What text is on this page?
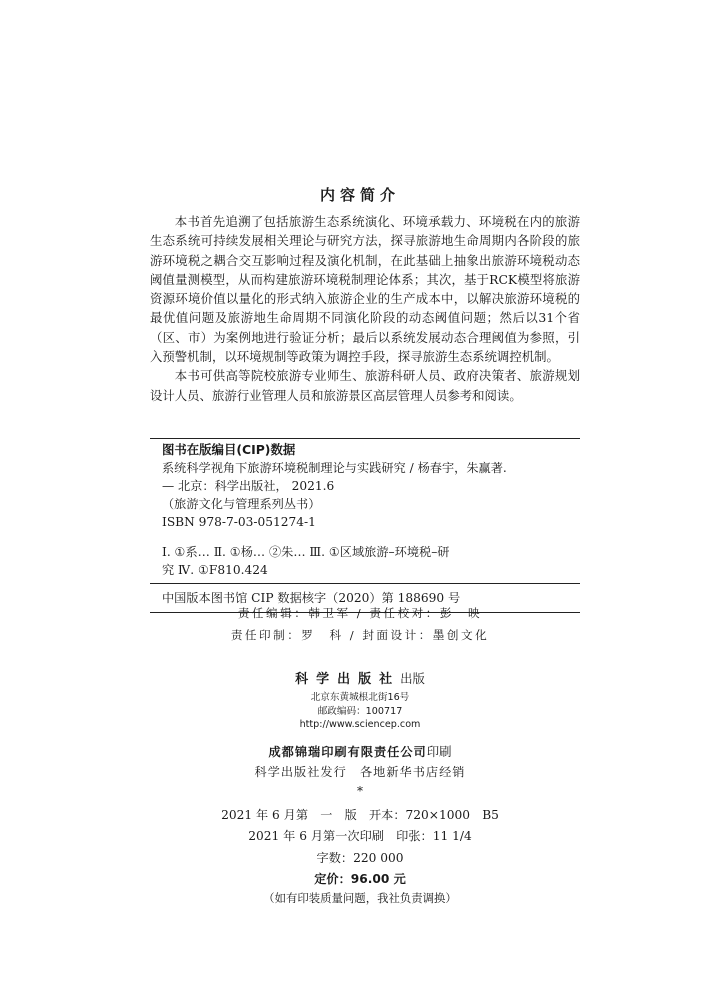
内容简介

本书首先追溯了包括旅游生态系统演化、环境承载力、环境税在内的旅游生态系统可持续发展相关理论与研究方法，探寻旅游地生命周期内各阶段的旅游环境税之耦合交互影响过程及演化机制，在此基础上抽象出旅游环境税动态阈值量测模型，从而构建旅游环境税制理论体系；其次，基于RCK模型将旅游资源环境价值以量化的形式纳入旅游企业的生产成本中，以解决旅游环境税的最优值问题及旅游地生命周期不同演化阶段的动态阈值问题；然后以31个省（区、市）为案例地进行验证分析；最后以系统发展动态合理阈值为参照，引入预警机制，以环境规制等政策为调控手段，探寻旅游生态系统调控机制。

本书可供高等院校旅游专业师生、旅游科研人员、政府决策者、旅游规划设计人员、旅游行业管理人员和旅游景区高层管理人员参考和阅读。

图书在版编目(CIP)数据
系统科学视角下旅游环境税制理论与实践研究 / 杨春宇，朱赢著.
— 北京：科学出版社， 2021.6
（旅游文化与管理系列丛书）
ISBN 978-7-03-051274-1
Ⅰ. ①系… Ⅱ. ①杨… ②朱… Ⅲ. ①区域旅游–环境税–研
究 Ⅳ. ①F810.424
中国版本图书馆 CIP 数据核字（2020）第 188690 号
责任编辑：韩卫军 / 责任校对：彭　映
责任印制：罗　科 / 封面设计：墨创文化
科学出版社出版
北京东黄城根北街16号
邮政编码：100717
http://www.sciencep.com
成都锦瑞印刷有限责任公司印刷
科学出版社发行　各地新华书店经销
*
2021 年 6 月第　一　版　开本：720×1000　B5
2021 年 6 月第一次印刷　印张：11 1/4
字数：220 000
定价：96.00 元
（如有印装质量问题，我社负责调换）
